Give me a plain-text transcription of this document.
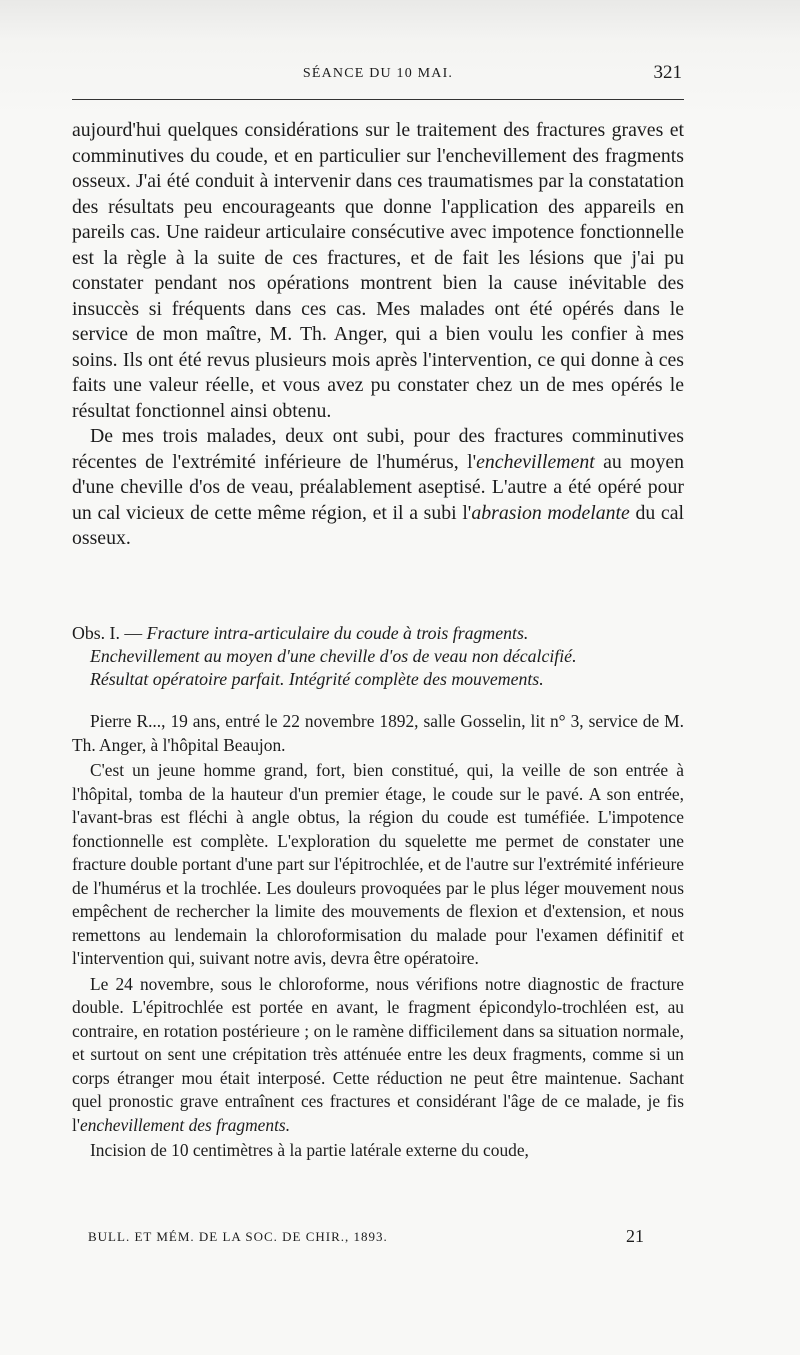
SÉANCE DU 10 MAI.	321

aujourd'hui quelques considérations sur le traitement des fractures graves et comminutives du coude, et en particulier sur l'enchevillement des fragments osseux. J'ai été conduit à intervenir dans ces traumatismes par la constatation des résultats peu encourageants que donne l'application des appareils en pareils cas. Une raideur articulaire consécutive avec impotence fonctionnelle est la règle à la suite de ces fractures, et de fait les lésions que j'ai pu constater pendant nos opérations montrent bien la cause inévitable des insuccès si fréquents dans ces cas. Mes malades ont été opérés dans le service de mon maître, M. Th. Anger, qui a bien voulu les confier à mes soins. Ils ont été revus plusieurs mois après l'intervention, ce qui donne à ces faits une valeur réelle, et vous avez pu constater chez un de mes opérés le résultat fonctionnel ainsi obtenu.

De mes trois malades, deux ont subi, pour des fractures comminutives récentes de l'extrémité inférieure de l'humérus, l'enchevillement au moyen d'une cheville d'os de veau, préalablement aseptisé. L'autre a été opéré pour un cal vicieux de cette même région, et il a subi l'abrasion modelante du cal osseux.

Obs. I. — Fracture intra-articulaire du coude à trois fragments.
Enchevillement au moyen d'une cheville d'os de veau non décalcifié.
Résultat opératoire parfait. Intégrité complète des mouvements.

Pierre R..., 19 ans, entré le 22 novembre 1892, salle Gosselin, lit n° 3, service de M. Th. Anger, à l'hôpital Beaujon.

C'est un jeune homme grand, fort, bien constitué, qui, la veille de son entrée à l'hôpital, tomba de la hauteur d'un premier étage, le coude sur le pavé. A son entrée, l'avant-bras est fléchi à angle obtus, la région du coude est tuméfiée. L'impotence fonctionnelle est complète. L'exploration du squelette me permet de constater une fracture double portant d'une part sur l'épitrochlée, et de l'autre sur l'extrémité inférieure de l'humérus et la trochlée. Les douleurs provoquées par le plus léger mouvement nous empêchent de rechercher la limite des mouvements de flexion et d'extension, et nous remettons au lendemain la chloroformisation du malade pour l'examen définitif et l'intervention qui, suivant notre avis, devra être opératoire.

Le 24 novembre, sous le chloroforme, nous vérifions notre diagnostic de fracture double. L'épitrochlée est portée en avant, le fragment épicondylo-trochléen est, au contraire, en rotation postérieure ; on le ramène difficilement dans sa situation normale, et surtout on sent une crépitation très atténuée entre les deux fragments, comme si un corps étranger mou était interposé. Cette réduction ne peut être maintenue. Sachant quel pronostic grave entraînent ces fractures et considérant l'âge de ce malade, je fis l'enchevillement des fragments.

Incision de 10 centimètres à la partie latérale externe du coude,

BULL. ET MÉM. DE LA SOC. DE CHIR., 1893.	21
